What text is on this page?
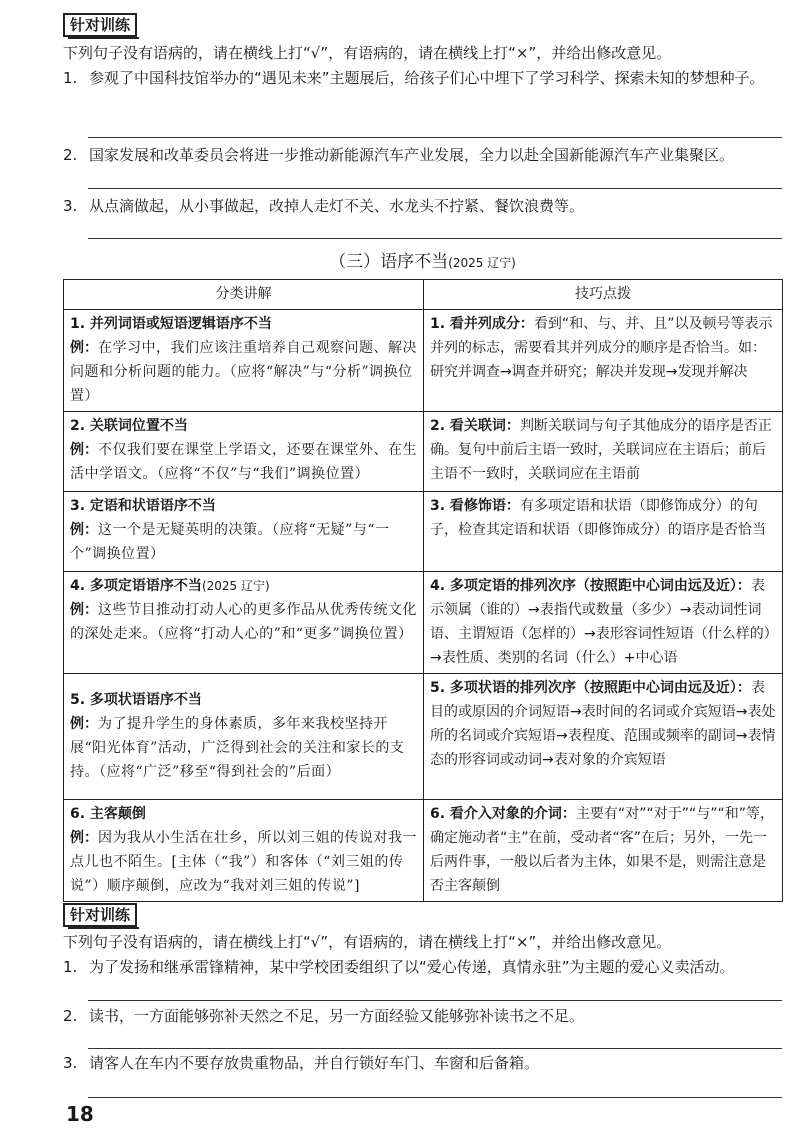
针对训练
下列句子没有语病的，请在横线上打“√”，有语病的，请在横线上打“×”，并给出修改意见。
1. 参观了中国科技馆举办的“遇见未来”主题展后，给孩子们心中埋下了学习科学、探索未知的梦想种子。
2. 国家发展和改革委员会将进一步推动新能源汽车产业发展，全力以赴全国新能源汽车产业集聚区。
3. 从点滴做起，从小事做起，改掉人走灯不关、水龙头不拧紧、餐饮浪费等。
（三）语序不当(2025 辽宁)
分类讲解	技巧点拨

1. 并列词语或短语逻辑语序不当
例：在学习中，我们应该注重培养自己观察问题、解决问题和分析问题的能力。（应将“解决”与“分析”调换位置）	1. 看并列成分：看到“和、与、并、且”以及顿号等表示并列的标志，需要看其并列成分的顺序是否恰当。如：研究并调查→调查并研究；解决并发现→发现并解决

2. 关联词位置不当
例：不仅我们要在课堂上学语文，还要在课堂外、在生活中学语文。（应将“不仅”与“我们”调换位置）	2. 看关联词：判断关联词与句子其他成分的语序是否正确。复句中前后主语一致时，关联词应在主语后；前后主语不一致时，关联词应在主语前

3. 定语和状语语序不当
例：这一个是无疑英明的决策。（应将“无疑”与“一个”调换位置）	3. 看修饰语：有多项定语和状语（即修饰成分）的句子，检查其定语和状语（即修饰成分）的语序是否恰当

4. 多项定语语序不当(2025 辽宁)
例：这些节目推动打动人心的更多作品从优秀传统文化的深处走来。（应将“打动人心的”和“更多”调换位置）	4. 多项定语的排列次序（按照距中心词由远及近）：表示领属（谁的）→表指代或数量（多少）→表动词性词语、主谓短语（怎样的）→表形容词性短语（什么样的）→表性质、类别的名词（什么）+中心语

5. 多项状语语序不当
例：为了提升学生的身体素质，多年来我校坚持开展“阳光体育”活动，广泛得到社会的关注和家长的支持。（应将“广泛”移至“得到社会的”后面）	5. 多项状语的排列次序（按照距中心词由远及近）：表目的或原因的介词短语→表时间的名词或介宾短语→表处所的名词或介宾短语→表程度、范围或频率的副词→表情态的形容词或动词→表对象的介宾短语

6. 主客颠倒
例：因为我从小生活在壮乡，所以刘三姐的传说对我一点儿也不陌生。[主体（“我”）和客体（“刘三姐的传说”）顺序颠倒，应改为“我对刘三姐的传说”]	6. 看介入对象的介词：主要有“对”“对于”“与”“和”等，确定施动者“主”在前，受动者“客”在后；另外，一先一后两件事，一般以后者为主体，如果不是，则需注意是否主客颠倒
针对训练
下列句子没有语病的，请在横线上打“√”，有语病的，请在横线上打“×”，并给出修改意见。
1. 为了发扬和继承雷锋精神，某中学校团委组织了以“爱心传递，真情永驻”为主题的爱心义卖活动。
2. 读书，一方面能够弥补天然之不足，另一方面经验又能够弥补读书之不足。
3. 请客人在车内不要存放贵重物品，并自行锁好车门、车窗和后备箱。
18
